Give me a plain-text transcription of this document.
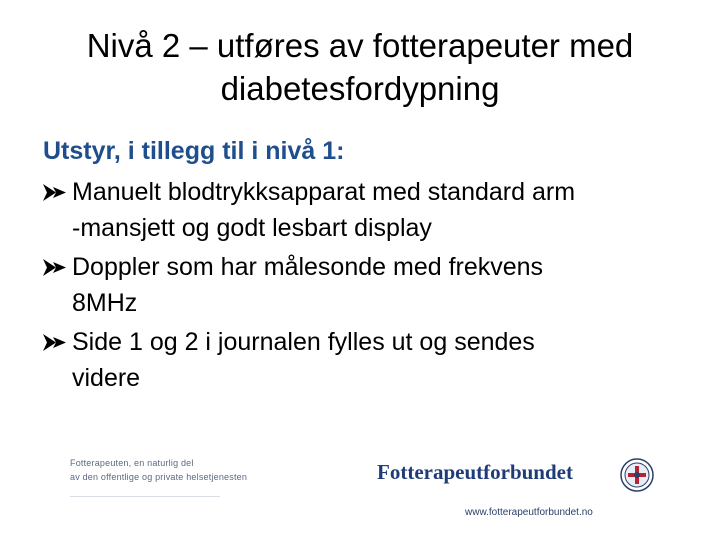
Nivå 2 – utføres av fotterapeuter med
diabetesfordypning
Utstyr, i tillegg til i nivå 1:
Manuelt blodtrykksapparat med standard arm
-mansjett og godt lesbart display
Doppler som har målesonde med frekvens
8MHz
Side 1 og 2 i journalen fylles ut og sendes
videre
Fotterapeuten, en naturlig del
av den offentlige og private helsetjenesten	Fotterapeutforbundet
www.fotterapeutforbundet.no
